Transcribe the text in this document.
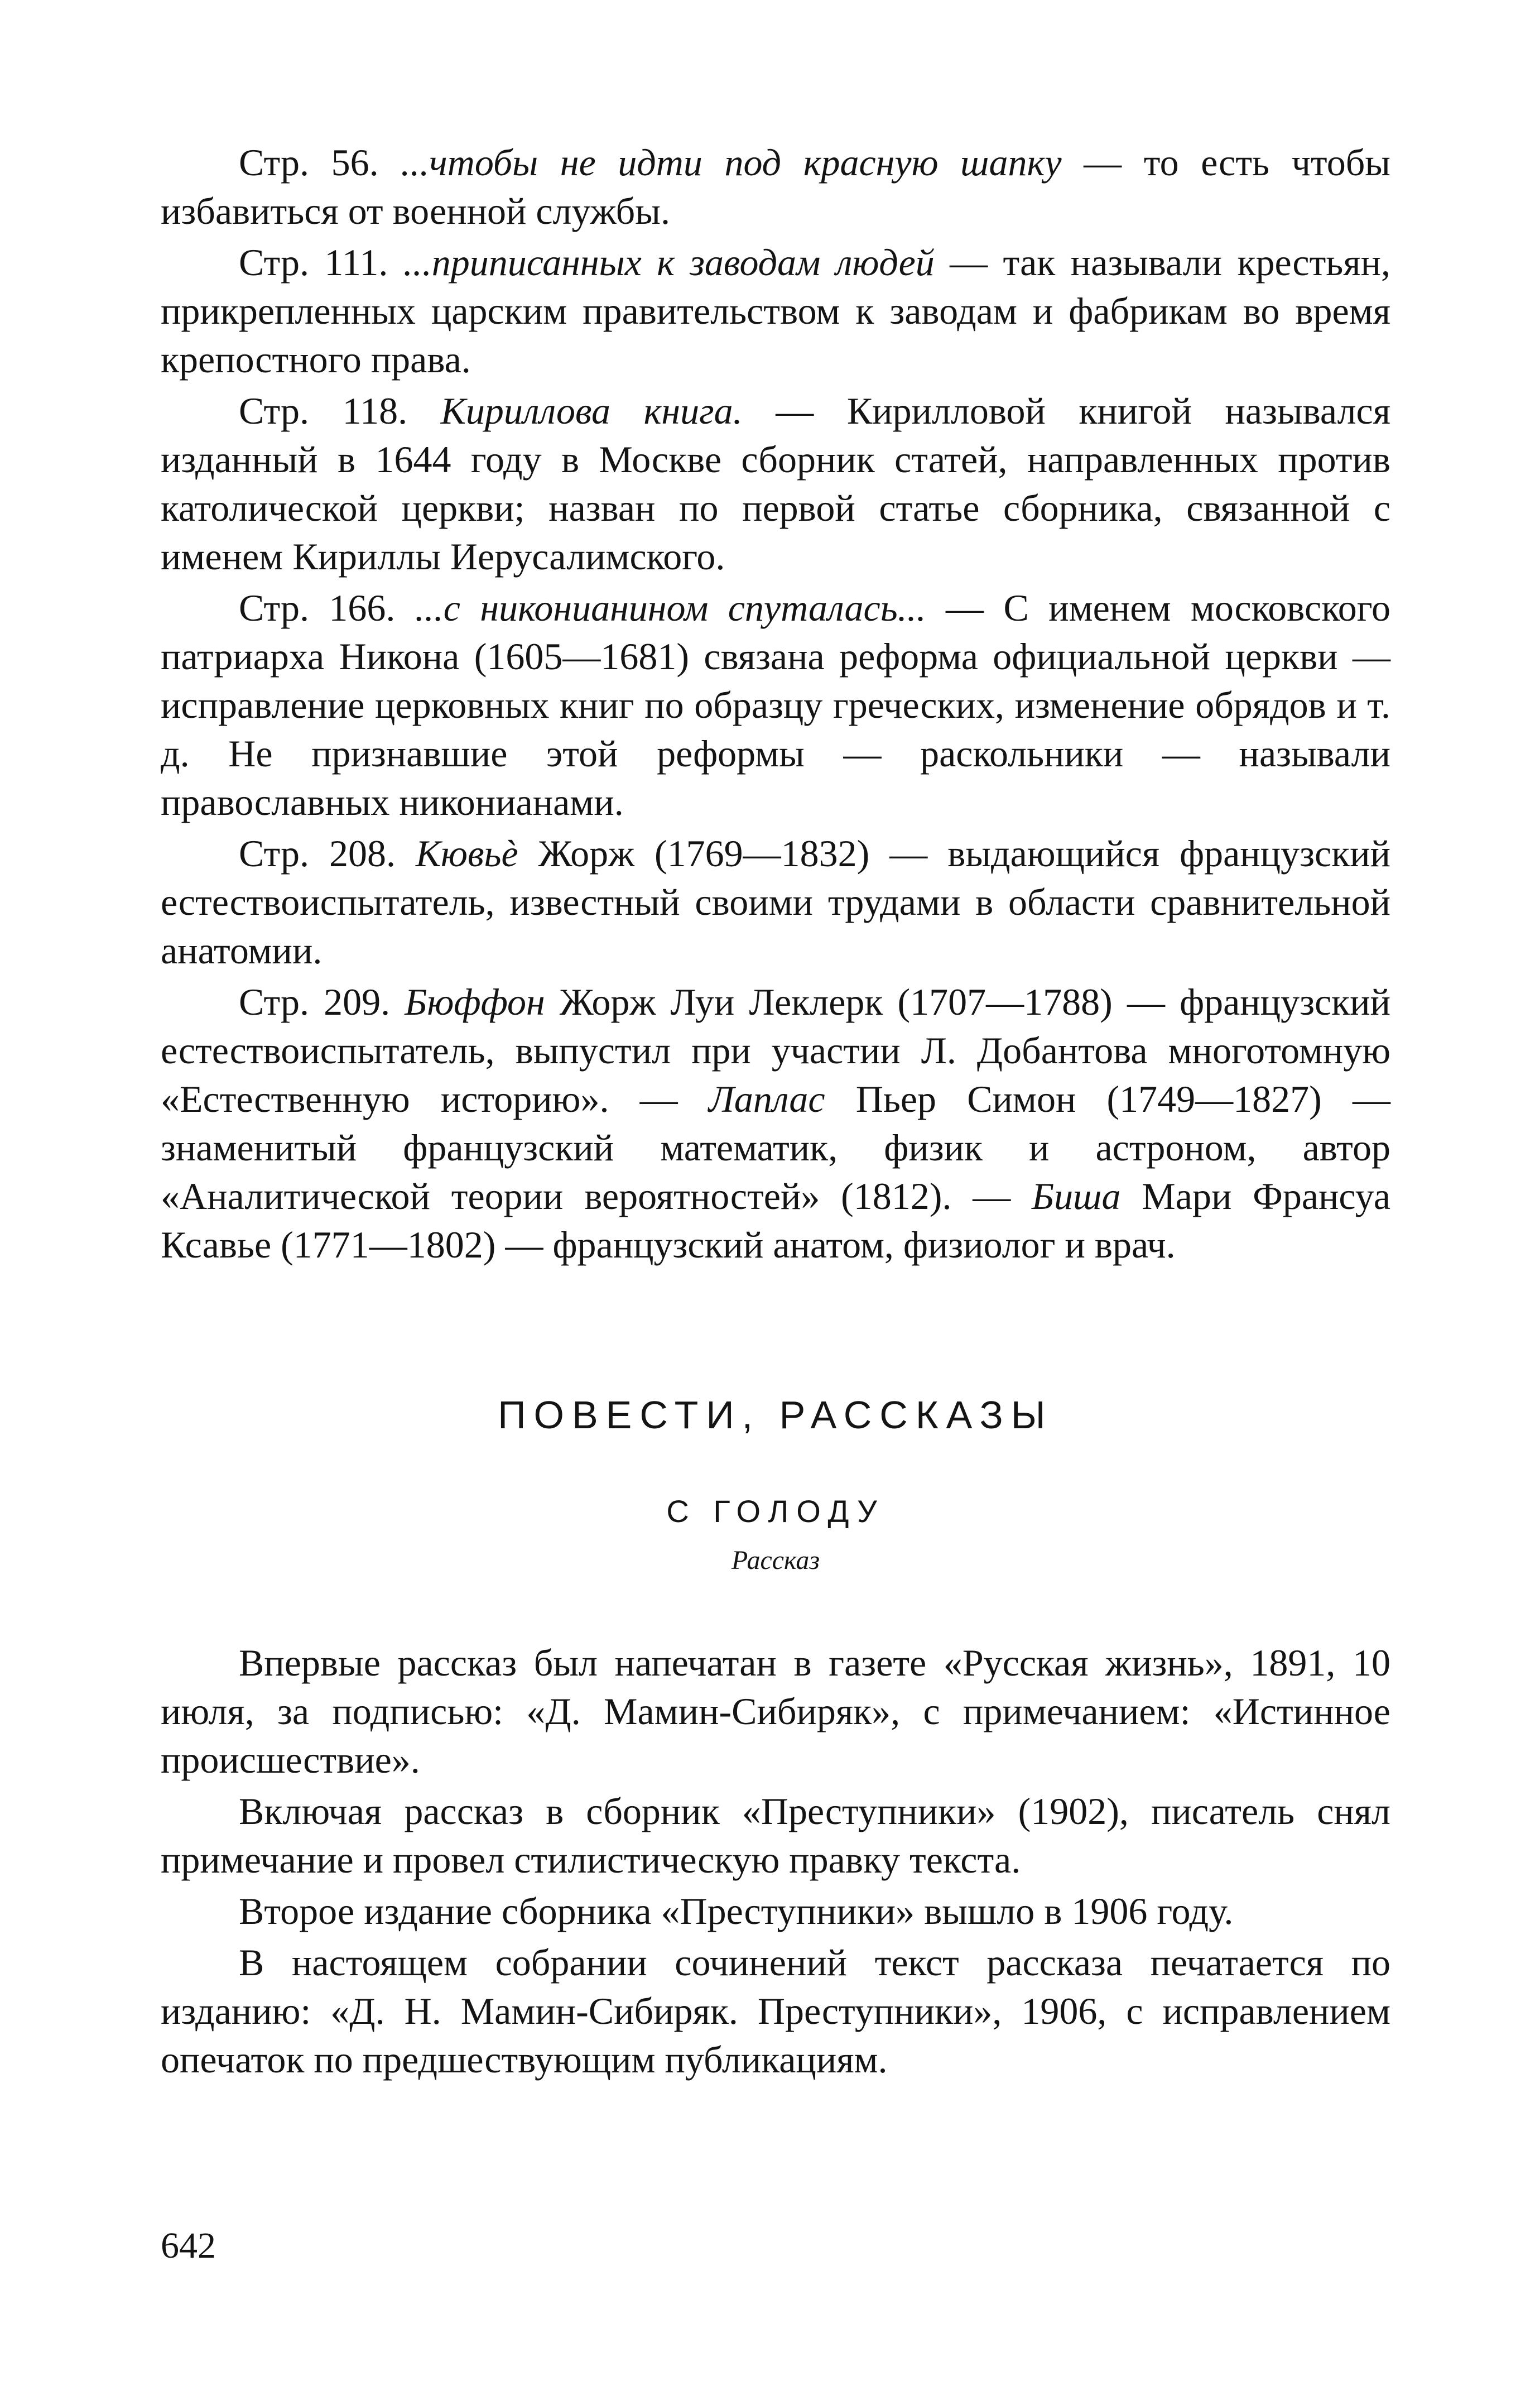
Стр. 56. ...чтобы не идти под красную шапку — то есть чтобы избавиться от военной службы.

Стр. 111. ...приписанных к заводам людей — так называли крестьян, прикрепленных царским правительством к заводам и фабрикам во время крепостного права.

Стр. 118. Кириллова книга. — Кирилловой книгой назывался изданный в 1644 году в Москве сборник статей, направленных против католической церкви; назван по первой статье сборника, связанной с именем Кириллы Иерусалимского.

Стр. 166. ...с никонианином спуталась... — С именем московского патриарха Никона (1605—1681) связана реформа официальной церкви — исправление церковных книг по образцу греческих, изменение обрядов и т. д. Не признавшие этой реформы — раскольники — называли православных никонианами.

Стр. 208. Кювьѐ Жорж (1769—1832) — выдающийся французский естествоиспытатель, известный своими трудами в области сравнительной анатомии.

Стр. 209. Бюффон Жорж Луи Леклерк (1707—1788) — французский естествоиспытатель, выпустил при участии Л. Добантова многотомную «Естественную историю». — Лаплас Пьер Симон (1749—1827) — знаменитый французский математик, физик и астроном, автор «Аналитической теории вероятностей» (1812). — Биша Мари Франсуа Ксавье (1771—1802) — французский анатом, физиолог и врач.

ПОВЕСТИ, РАССКАЗЫ
С ГОЛОДУ
Рассказ

Впервые рассказ был напечатан в газете «Русская жизнь», 1891, 10 июля, за подписью: «Д. Мамин-Сибиряк», с примечанием: «Истинное происшествие».

Включая рассказ в сборник «Преступники» (1902), писатель снял примечание и провел стилистическую правку текста.

Второе издание сборника «Преступники» вышло в 1906 году.

В настоящем собрании сочинений текст рассказа печатается по изданию: «Д. Н. Мамин-Сибиряк. Преступники», 1906, с исправлением опечаток по предшествующим публикациям.

642
